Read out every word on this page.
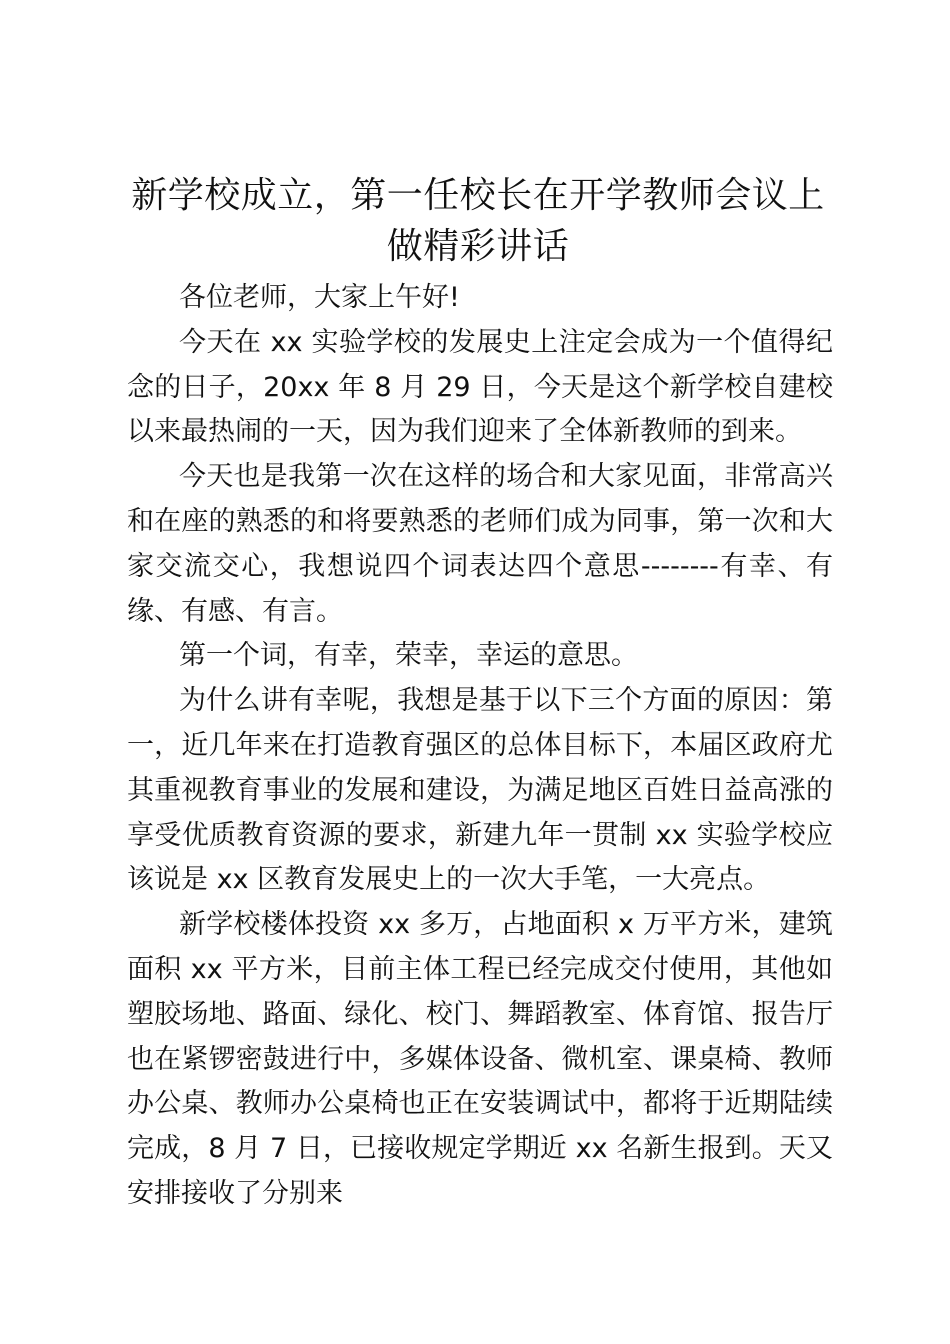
新学校成立，第一任校长在开学教师会议上做精彩讲话

各位老师，大家上午好!

今天在 xx 实验学校的发展史上注定会成为一个值得纪念的日子，20xx 年 8 月 29 日，今天是这个新学校自建校以来最热闹的一天，因为我们迎来了全体新教师的到来。

今天也是我第一次在这样的场合和大家见面，非常高兴和在座的熟悉的和将要熟悉的老师们成为同事，第一次和大家交流交心，我想说四个词表达四个意思--------有幸、有缘、有感、有言。

第一个词，有幸，荣幸，幸运的意思。

为什么讲有幸呢，我想是基于以下三个方面的原因：第一，近几年来在打造教育强区的总体目标下，本届区政府尤其重视教育事业的发展和建设，为满足地区百姓日益高涨的享受优质教育资源的要求，新建九年一贯制 xx 实验学校应该说是 xx 区教育发展史上的一次大手笔，一大亮点。

新学校楼体投资 xx 多万，占地面积 x 万平方米，建筑面积 xx 平方米，目前主体工程已经完成交付使用，其他如塑胶场地、路面、绿化、校门、舞蹈教室、体育馆、报告厅也在紧锣密鼓进行中，多媒体设备、微机室、课桌椅、教师办公桌、教师办公桌椅也正在安装调试中，都将于近期陆续完成，8 月 7 日，已接收规定学期近 xx 名新生报到。天又安排接收了分别来
